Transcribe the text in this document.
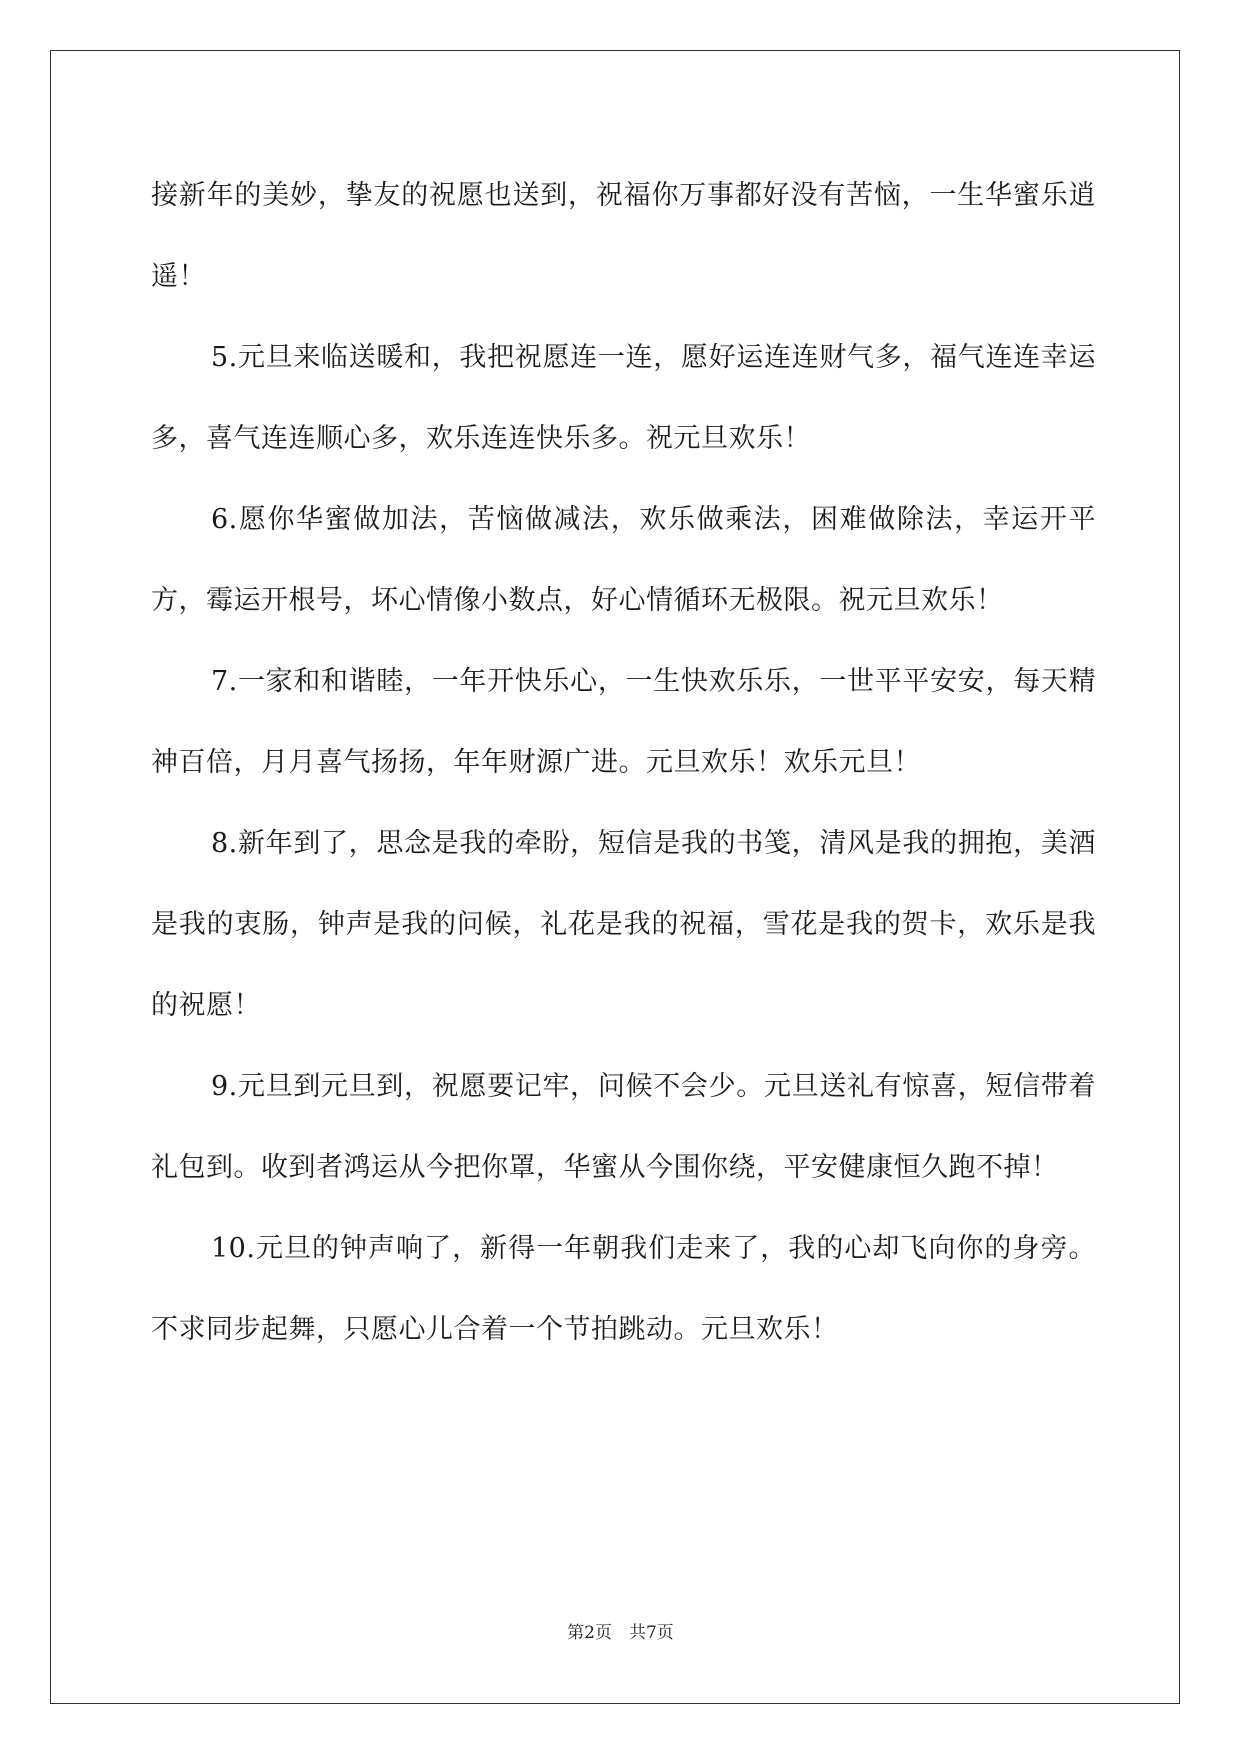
接新年的美妙，挚友的祝愿也送到，祝福你万事都好没有苦恼，一生华蜜乐逍遥！

5.元旦来临送暖和，我把祝愿连一连，愿好运连连财气多，福气连连幸运多，喜气连连顺心多，欢乐连连快乐多。祝元旦欢乐！

6.愿你华蜜做加法，苦恼做减法，欢乐做乘法，困难做除法，幸运开平方，霉运开根号，坏心情像小数点，好心情循环无极限。祝元旦欢乐！

7.一家和和谐睦，一年开快乐心，一生快欢乐乐，一世平平安安，每天精神百倍，月月喜气扬扬，年年财源广进。元旦欢乐！欢乐元旦！

8.新年到了，思念是我的牵盼，短信是我的书笺，清风是我的拥抱，美酒是我的衷肠，钟声是我的问候，礼花是我的祝福，雪花是我的贺卡，欢乐是我的祝愿！

9.元旦到元旦到，祝愿要记牢，问候不会少。元旦送礼有惊喜，短信带着礼包到。收到者鸿运从今把你罩，华蜜从今围你绕，平安健康恒久跑不掉！

10.元旦的钟声响了，新得一年朝我们走来了，我的心却飞向你的身旁。不求同步起舞，只愿心儿合着一个节拍跳动。元旦欢乐！

第2页　共7页
